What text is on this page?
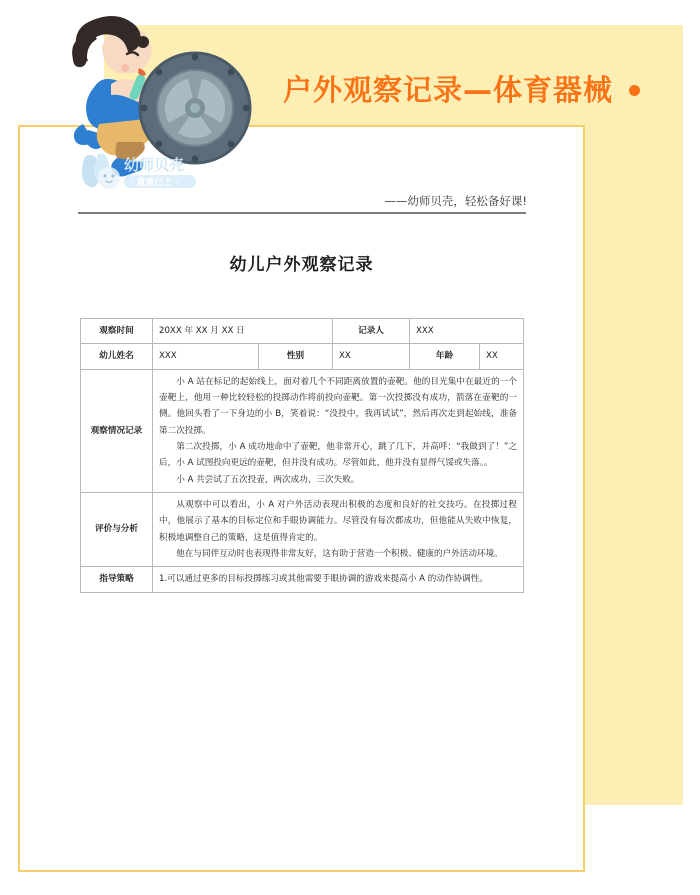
户外观察记录—体育器械
幼师贝壳
· 童童已士 ·
——幼师贝壳，轻松备好课!
幼儿户外观察记录
观察时间	20XX 年 XX 月 XX 日		记录人	XXX	
幼儿姓名	XXX	性别	XX	年龄	XX
观察情况记录	小 A 站在标记的起始线上，面对着几个不同距离放置的壶靶。他的目光集中在最近的一个壶靶上，他用一种比较轻松的投掷动作将前投向壶靶。第一次投掷没有成功，箭落在壶靶的一侧。他回头看了一下身边的小 B，笑着说：“没投中，我再试试”，然后再次走到起始线，准备第二次投掷。

第二次投掷，小 A 成功地命中了壶靶，他非常开心，跳了几下，并高呼：“我做到了！”之后，小 A 试图投向更远的壶靶，但并没有成功。尽管如此，他并没有显得气馁或失落。。

小 A 共尝试了五次投壶，两次成功，三次失败。				

评价与分析	从观察中可以看出，小 A 对户外活动表现出积极的态度和良好的社交技巧。在投掷过程中，他展示了基本的目标定位和手眼协调能力。尽管没有每次都成功，但他能从失败中恢复，积极地调整自己的策略，这是值得肯定的。

他在与同伴互动时也表现得非常友好，这有助于营造一个积极、健康的户外活动环境。				

指导策略	1.可以通过更多的目标投掷练习或其他需要手眼协调的游戏来提高小 A 的动作协调性。				
